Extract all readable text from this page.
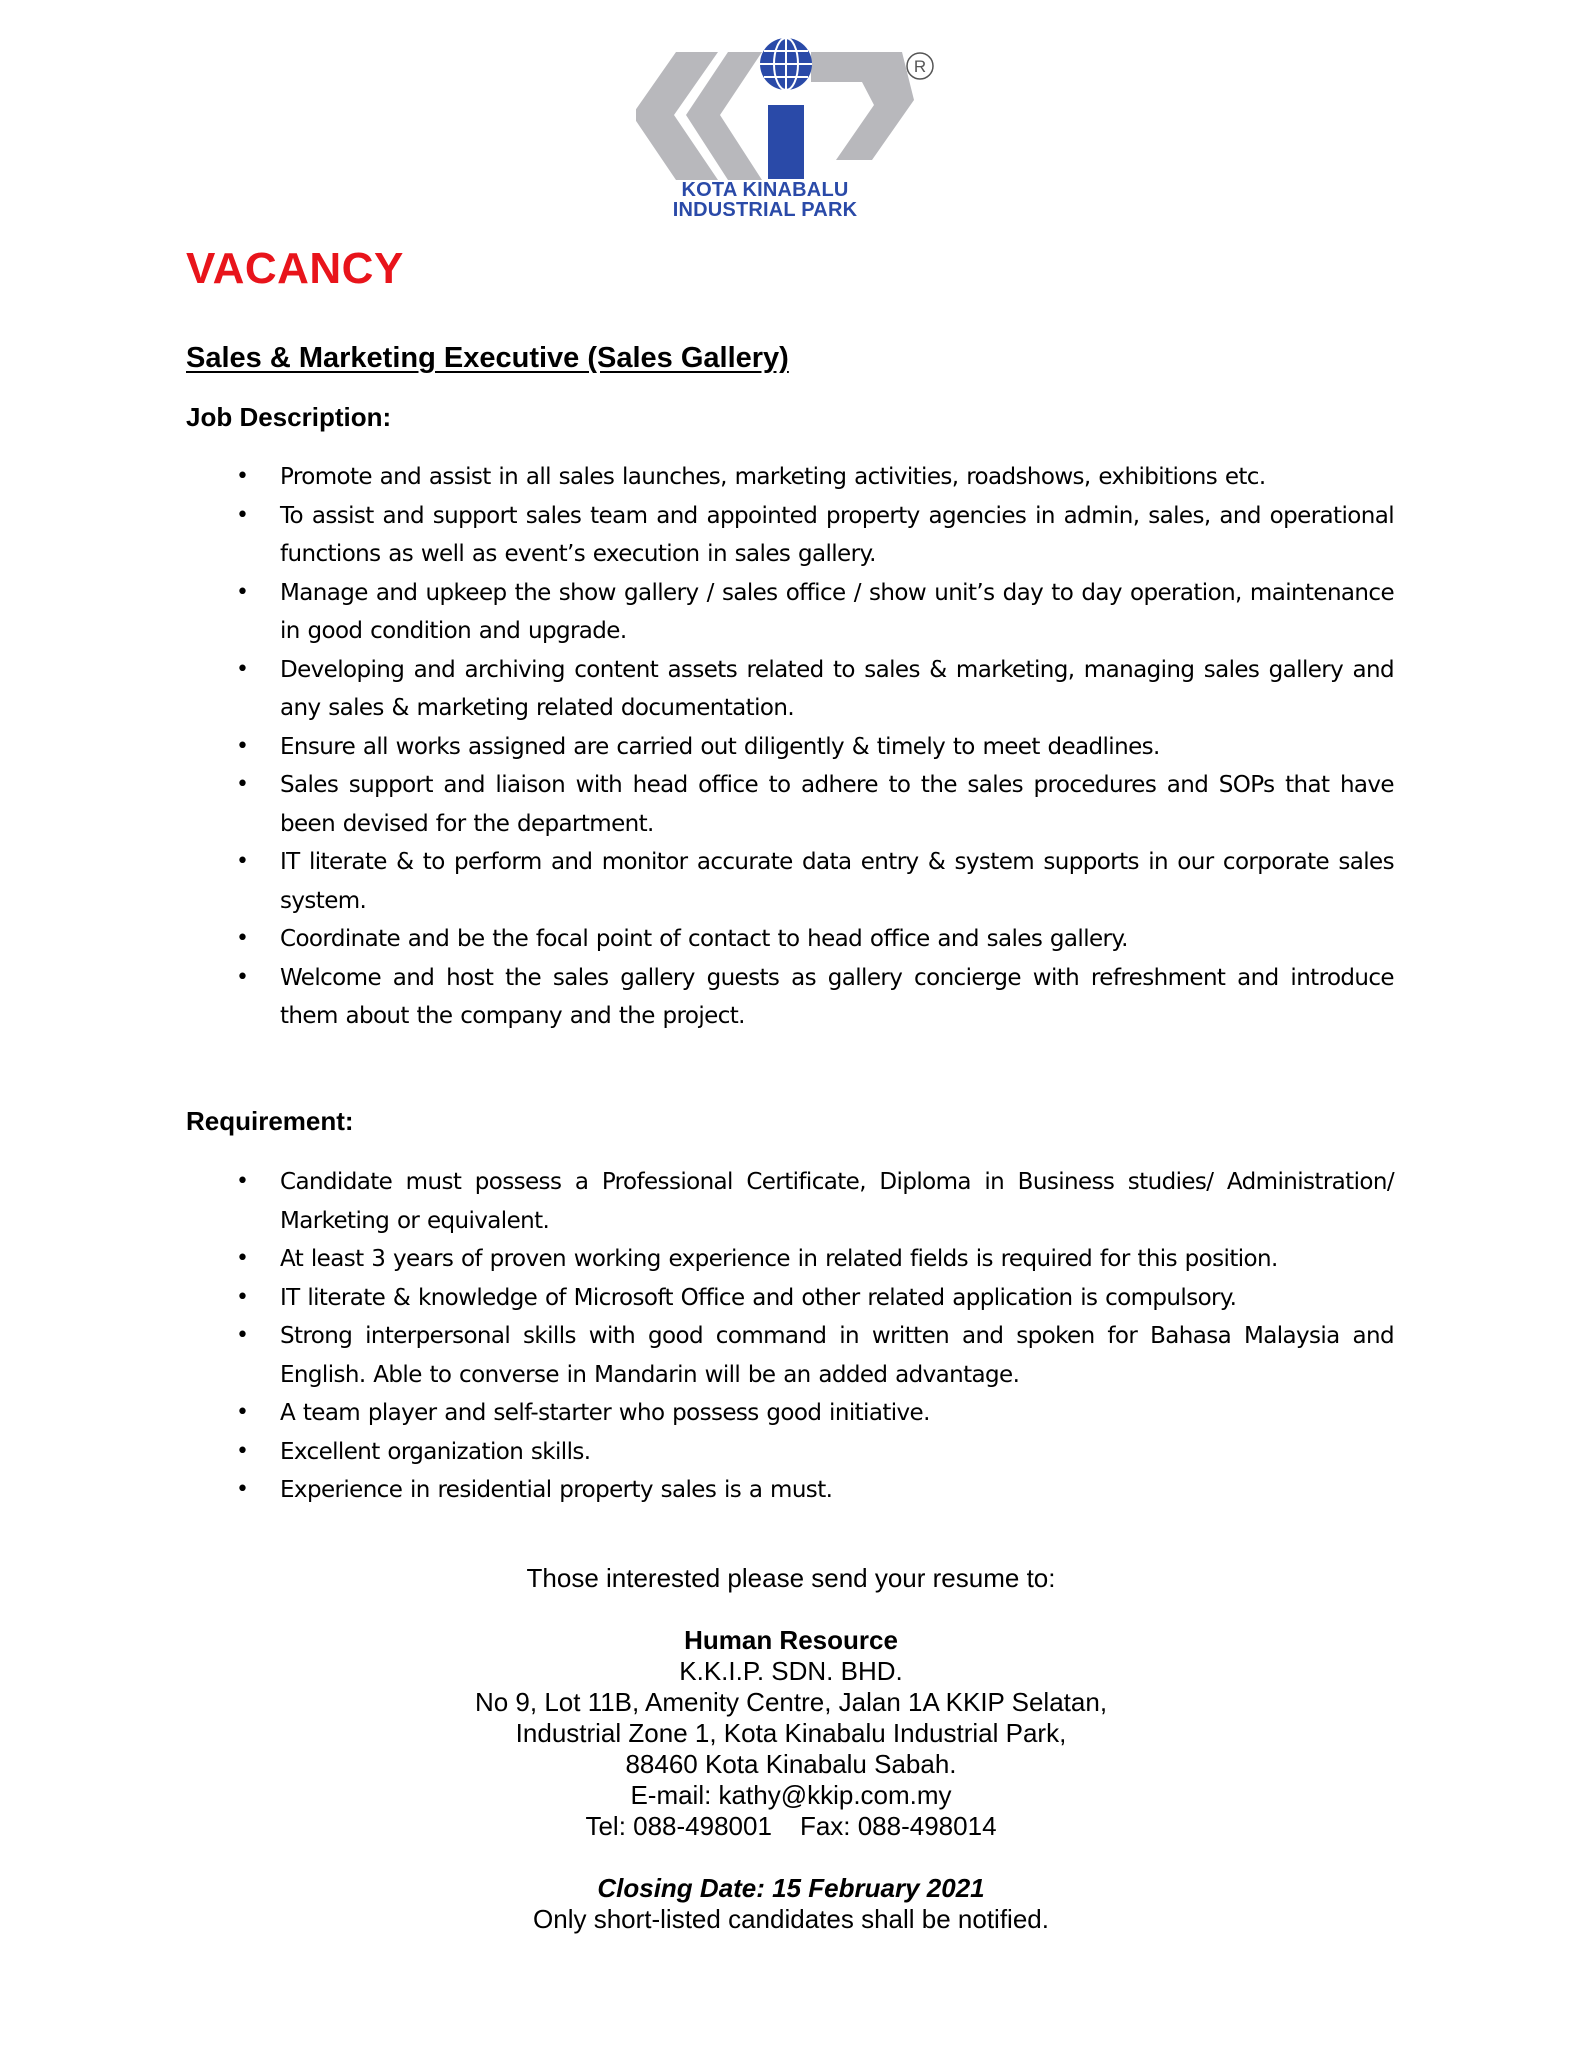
R
KOTA KINABALU
INDUSTRIAL PARK
VACANCY
Sales & Marketing Executive (Sales Gallery)
Job Description:
• Promote and assist in all sales launches, marketing activities, roadshows, exhibitions etc.
• To assist and support sales team and appointed property agencies in admin, sales, and operational functions as well as event’s execution in sales gallery.
• Manage and upkeep the show gallery / sales office / show unit’s day to day operation, maintenance in good condition and upgrade.
• Developing and archiving content assets related to sales & marketing, managing sales gallery and any sales & marketing related documentation.
• Ensure all works assigned are carried out diligently & timely to meet deadlines.
• Sales support and liaison with head office to adhere to the sales procedures and SOPs that have been devised for the department.
• IT literate & to perform and monitor accurate data entry & system supports in our corporate sales system.
• Coordinate and be the focal point of contact to head office and sales gallery.
• Welcome and host the sales gallery guests as gallery concierge with refreshment and introduce them about the company and the project.
Requirement:
• Candidate must possess a Professional Certificate, Diploma in Business studies/ Administration/ Marketing or equivalent.
• At least 3 years of proven working experience in related fields is required for this position.
• IT literate & knowledge of Microsoft Office and other related application is compulsory.
• Strong interpersonal skills with good command in written and spoken for Bahasa Malaysia and English. Able to converse in Mandarin will be an added advantage.
• A team player and self-starter who possess good initiative.
• Excellent organization skills.
• Experience in residential property sales is a must.
Those interested please send your resume to:
Human Resource
K.K.I.P. SDN. BHD.
No 9, Lot 11B, Amenity Centre, Jalan 1A KKIP Selatan,
Industrial Zone 1, Kota Kinabalu Industrial Park,
88460 Kota Kinabalu Sabah.
E-mail: kathy@kkip.com.my
Tel: 088-498001 Fax: 088-498014
Closing Date: 15 February 2021
Only short-listed candidates shall be notified.
